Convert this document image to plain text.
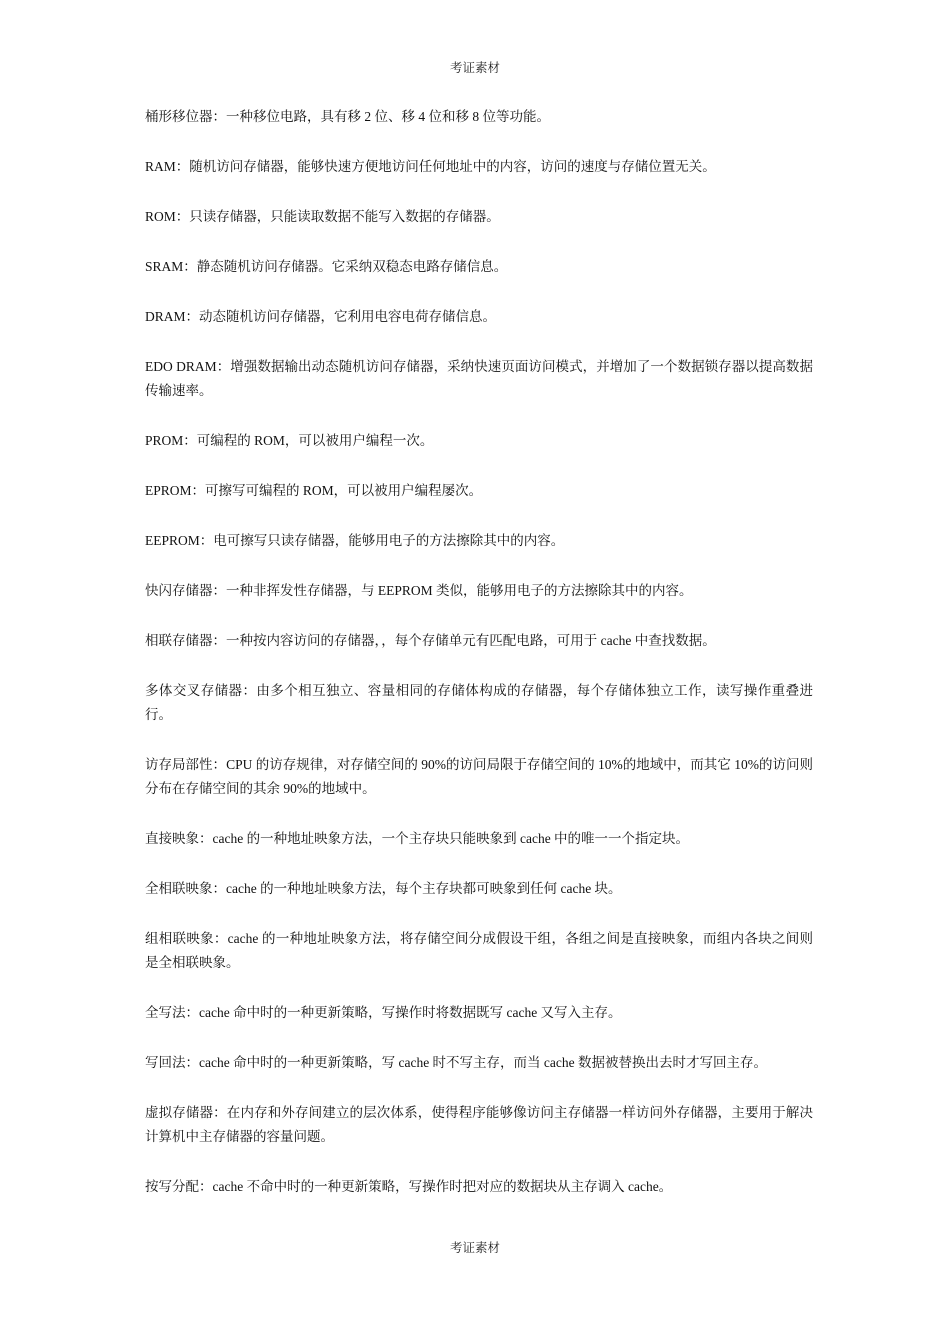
考证素材

桶形移位器：一种移位电路，具有移 2 位、移 4 位和移 8 位等功能。

RAM：随机访问存储器，能够快速方便地访问任何地址中的内容，访问的速度与存储位置无关。

ROM：只读存储器，只能读取数据不能写入数据的存储器。

SRAM：静态随机访问存储器。它采纳双稳态电路存储信息。

DRAM：动态随机访问存储器，它利用电容电荷存储信息。

EDO DRAM：增强数据输出动态随机访问存储器，采纳快速页面访问模式，并增加了一个数据锁存器以提高数据传输速率。

PROM：可编程的 ROM，可以被用户编程一次。

EPROM：可擦写可编程的 ROM，可以被用户编程屡次。

EEPROM：电可擦写只读存储器，能够用电子的方法擦除其中的内容。

快闪存储器：一种非挥发性存储器，与 EEPROM 类似，能够用电子的方法擦除其中的内容。

相联存储器：一种按内容访问的存储器，，每个存储单元有匹配电路，可用于 cache 中查找数据。

多体交叉存储器：由多个相互独立、容量相同的存储体构成的存储器，每个存储体独立工作，读写操作重叠进行。

访存局部性：CPU 的访存规律，对存储空间的 90%的访问局限于存储空间的 10%的地域中，而其它 10%的访问则分布在存储空间的其余 90%的地域中。

直接映象：cache 的一种地址映象方法，一个主存块只能映象到 cache 中的唯一一个指定块。

全相联映象：cache 的一种地址映象方法，每个主存块都可映象到任何 cache 块。

组相联映象：cache 的一种地址映象方法，将存储空间分成假设干组，各组之间是直接映象，而组内各块之间则是全相联映象。

全写法：cache 命中时的一种更新策略，写操作时将数据既写 cache 又写入主存。

写回法：cache 命中时的一种更新策略，写 cache 时不写主存，而当 cache 数据被替换出去时才写回主存。

虚拟存储器：在内存和外存间建立的层次体系，使得程序能够像访问主存储器一样访问外存储器，主要用于解决计算机中主存储器的容量问题。

按写分配：cache 不命中时的一种更新策略，写操作时把对应的数据块从主存调入 cache。

考证素材
